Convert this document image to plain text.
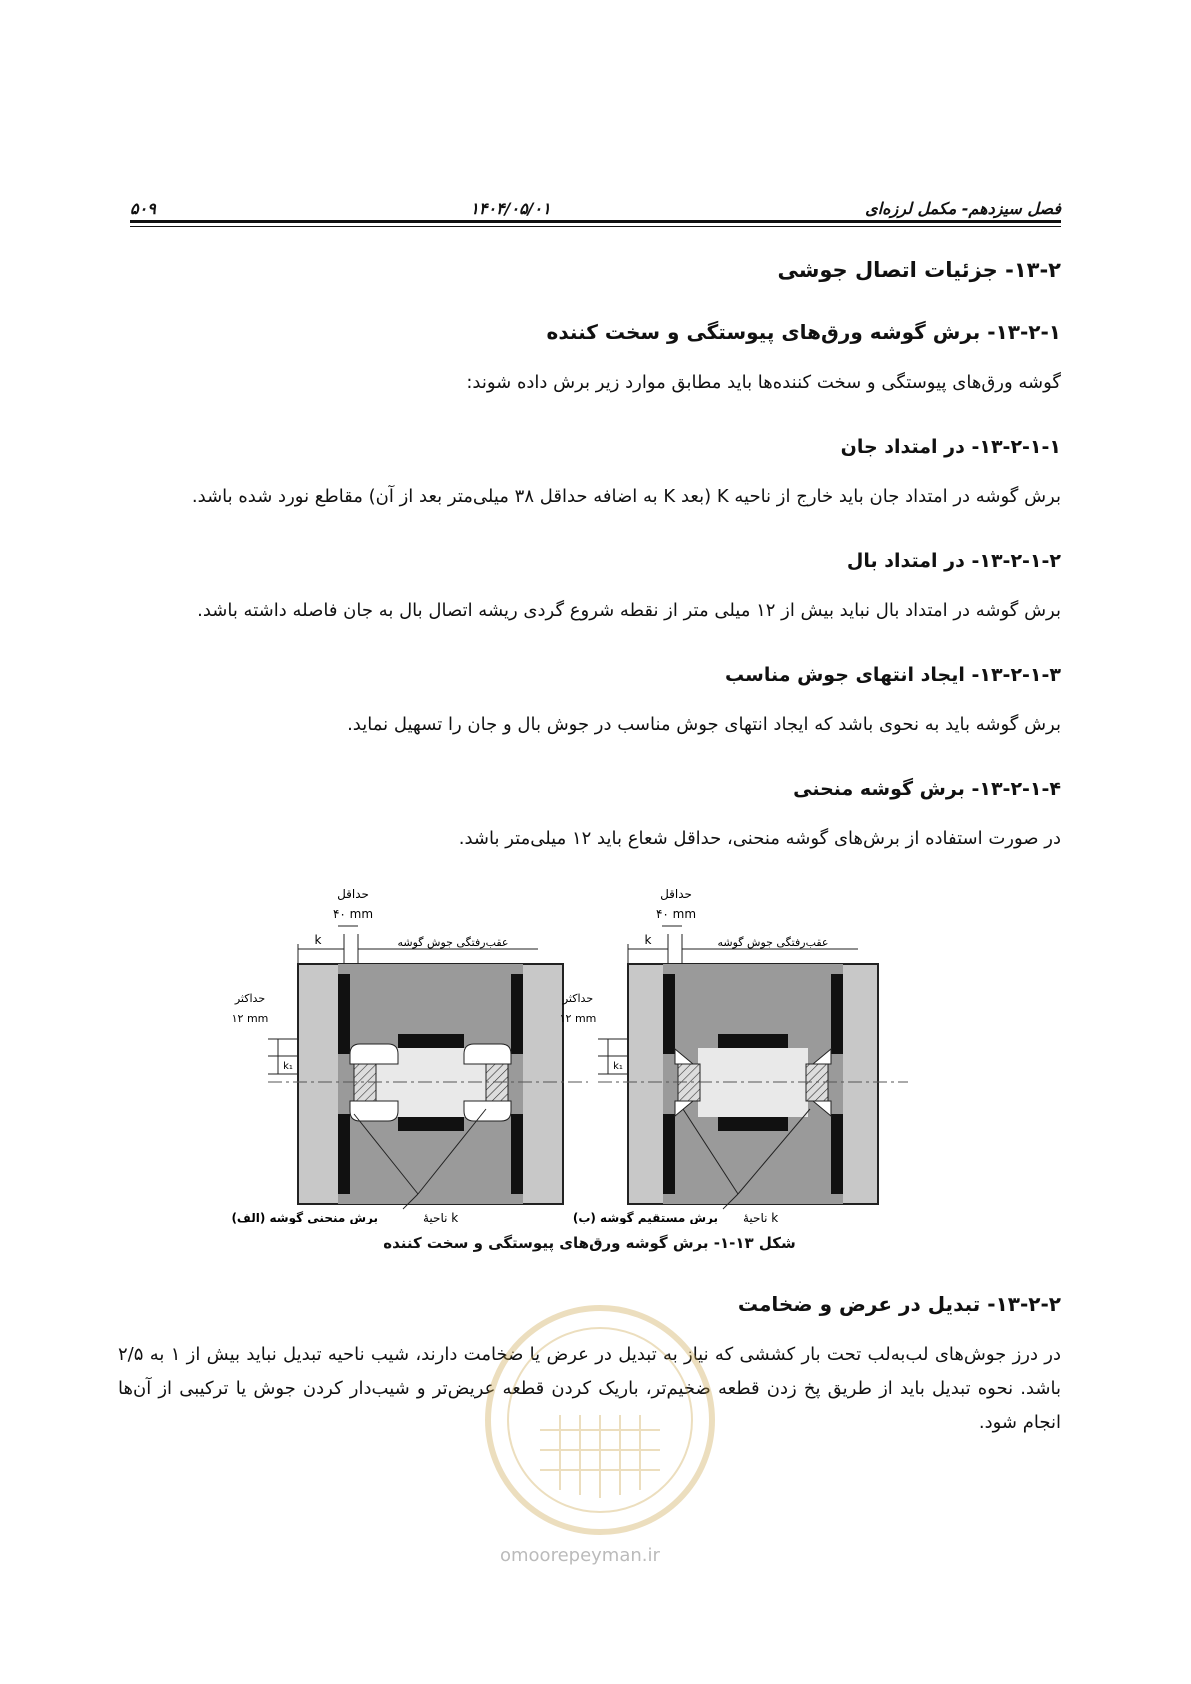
فصل سیزدهم- مکمل لرزه‌ای
۱۴۰۴/۰۵/۰۱
۵۰۹
۱۳-۲- جزئیات اتصال جوشی
۱۳-۲-۱- برش گوشه ورق‌های پیوستگی و سخت کننده

گوشه ورق‌های پیوستگی و سخت کننده‌ها باید مطابق موارد زیر برش داده شوند:

۱۳-۲-۱-۱- در امتداد جان

برش گوشه در امتداد جان باید خارج از ناحیه K (بعد K به اضافه حداقل ۳۸ میلی‌متر بعد از آن) مقاطع نورد شده باشد.

۱۳-۲-۱-۲- در امتداد بال

برش گوشه در امتداد بال نباید بیش از ۱۲ میلی متر از نقطه شروع گردی ریشه اتصال بال به جان فاصله داشته باشد.

۱۳-۲-۱-۳- ایجاد انتهای جوش مناسب

برش گوشه باید به نحوی باشد که ایجاد انتهای جوش مناسب در جوش بال و جان را تسهیل نماید.

۱۳-۲-۱-۴- برش گوشه منحنی

در صورت استفاده از برش‌های گوشه منحنی، حداقل شعاع باید ۱۲ میلی‌متر باشد.

k
حداقل
۴۰ mm
عقب‌رفتگی جوش گوشه
حداکثر
۱۲ mm
k₁
ناحیهٔ k
(الف) برش منحنی گوشه
k
حداقل
۴۰ mm
عقب‌رفتگی جوش گوشه
حداکثر
۱۲ mm
k₁
ناحیهٔ k
(ب) برش مستقیم گوشه
شکل ۱۳-۱- برش گوشه ورق‌های پیوستگی و سخت کننده
۱۳-۲-۲- تبدیل در عرض و ضخامت

در درز جوش‌های لب‌به‌لب تحت بار کششی که نیاز به تبدیل در عرض یا ضخامت دارند، شیب ناحیه تبدیل نباید بیش از ۱ به ۲/۵ باشد. نحوه تبدیل باید از طریق پخ زدن قطعه ضخیم‌تر، باریک کردن قطعه عریض‌تر و شیب‌دار کردن جوش یا ترکیبی از آن‌ها انجام شود.

omoorepeyman.ir
